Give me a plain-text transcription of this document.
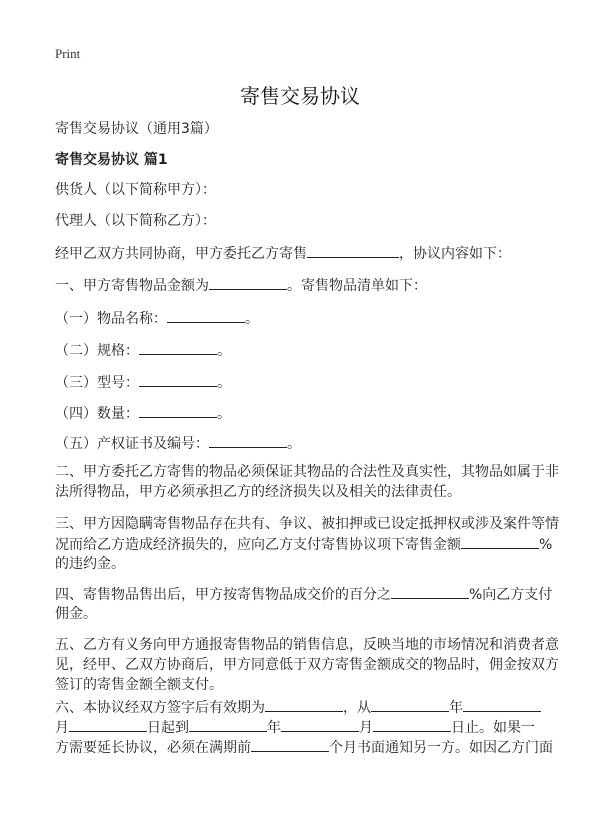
Print
寄售交易协议
寄售交易协议（通用3篇）
寄售交易协议 篇1
供货人（以下简称甲方）：
代理人（以下简称乙方）：
经甲乙双方共同协商，甲方委托乙方寄售	，协议内容如下：
一、甲方寄售物品金额为	。寄售物品清单如下：
（一）物品名称：	。
（二）规格：	。
（三）型号：	。
（四）数量：	。
（五）产权证书及编号：	。
二、甲方委托乙方寄售的物品必须保证其物品的合法性及真实性，其物品如属于非
法所得物品，甲方必须承担乙方的经济损失以及相关的法律责任。
三、甲方因隐瞒寄售物品存在共有、争议、被扣押或已设定抵押权或涉及案件等情
况而给乙方造成经济损失的，应向乙方支付寄售协议项下寄售金额	%
的违约金。
四、寄售物品售出后，甲方按寄售物品成交价的百分之	%向乙方支付
佣金。
五、乙方有义务向甲方通报寄售物品的销售信息，反映当地的市场情况和消费者意
见，经甲、乙双方协商后，甲方同意低于双方寄售金额成交的物品时，佣金按双方
签订的寄售金额全额支付。
六、本协议经双方签字后有效期为	，从	年
月	日起到	年	月	日止。如果一
方需要延长协议，必须在满期前	个月书面通知另一方。如因乙方门面
